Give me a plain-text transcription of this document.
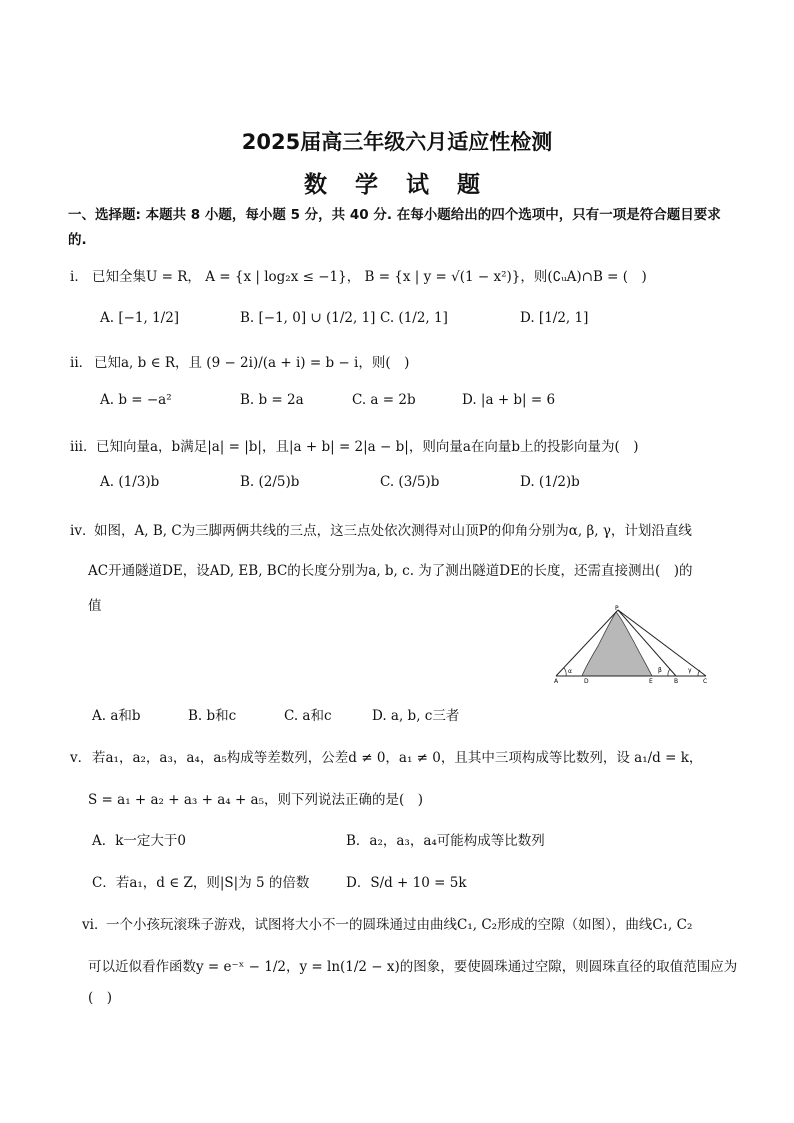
2025届高三年级六月适应性检测
数 学 试 题
一、选择题: 本题共 8 小题，每小题 5 分，共 40 分. 在每小题给出的四个选项中，只有一项是符合题目要求的.
i． 已知全集U = R， A = {x | log₂x ≤ −1}， B = {x | y = √(1 − x²)}，则(∁ᵤA)∩B = (　)
A. [−1, 1/2]	B. [−1, 0] ∪ (1/2, 1] C. (1/2, 1]	D. [1/2, 1]
ii． 已知a, b ∈ R，且 (9 − 2i)/(a + i) = b − i，则(　)
A. b = −a²	B. b = 2a	C. a = 2b	D. |a + b| = 6
iii． 已知向量a，b满足|a| = |b|，且|a + b| = 2|a − b|，则向量a在向量b上的投影向量为(　)
A. (1/3)b	B. (2/5)b	C. (3/5)b	D. (1/2)b
iv．
如图，A, B, C为三脚两俩共线的三点，这三点处依次测得对山顶P的仰角分别为α, β, γ，计划沿直线
AC开通隧道DE，设AD, EB, BC的长度分别为a, b, c. 为了测出隧道DE的长度，还需直接测出(　)的
值	P
A	D	E	B	C
α	β	γ
A. a和b	B. b和c	C. a和c	D. a, b, c三者
v． 若a₁，a₂，a₃，a₄，a₅构成等差数列，公差d ≠ 0，a₁ ≠ 0，且其中三项构成等比数列，设 a₁/d = k，
S = a₁ + a₂ + a₃ + a₄ + a₅，则下列说法正确的是(　)
A．k一定大于0	B．a₂，a₃，a₄可能构成等比数列
C．若a₁，d ∈ Z，则|S|为 5 的倍数	D．S/d + 10 = 5k
vi．
一个小孩玩滚珠子游戏，试图将大小不一的圆珠通过由曲线C₁, C₂形成的空隙（如图），曲线C₁, C₂
可以近似看作函数y = e⁻ˣ − 1/2，y = ln(1/2 − x)的图象，要使圆珠通过空隙，则圆珠直径的取值范围应为
(　)
